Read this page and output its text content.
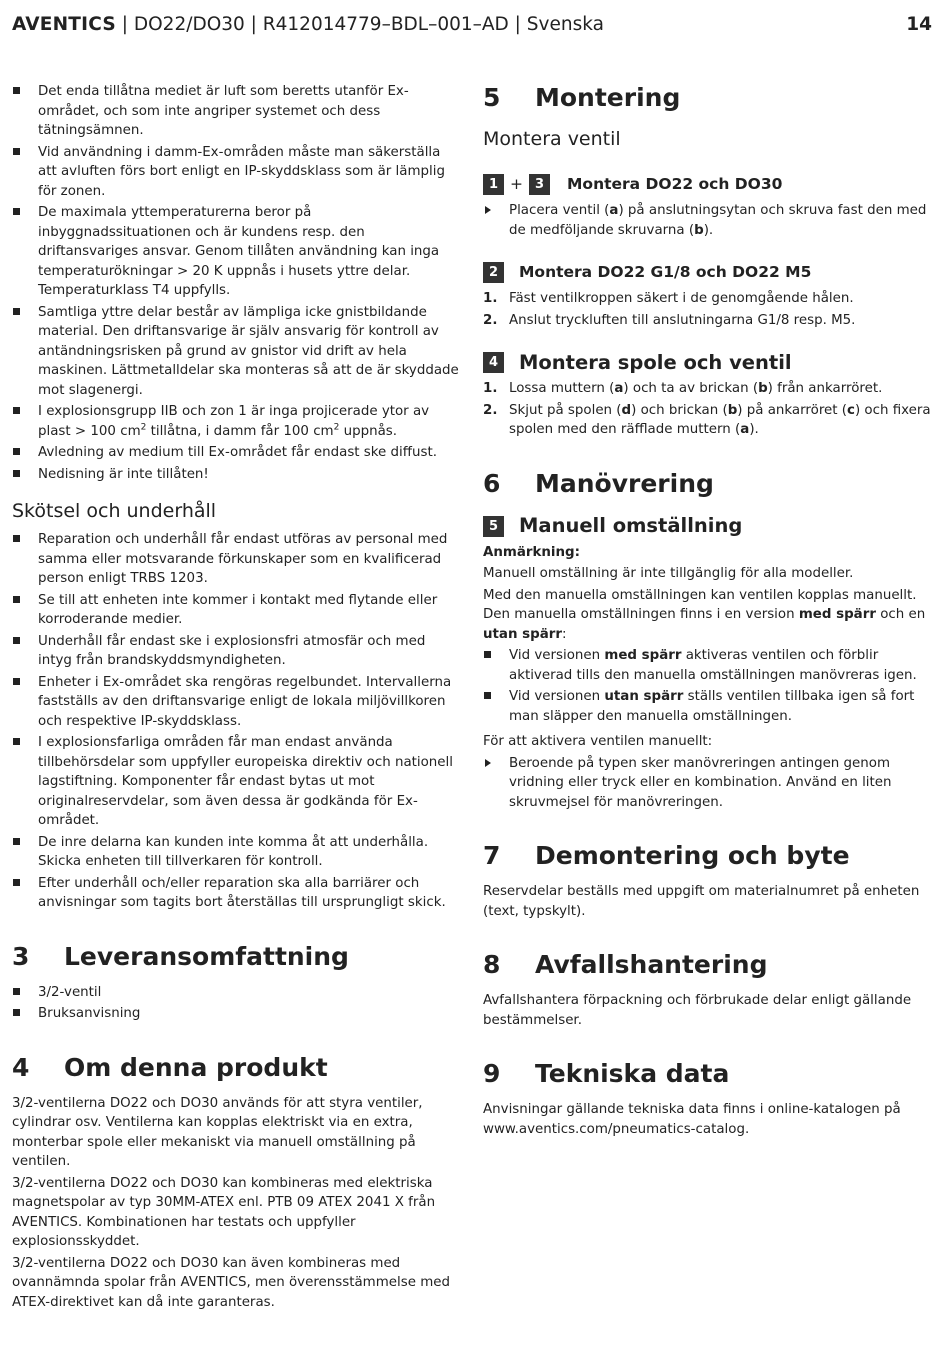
AVENTICS | DO22/DO30 | R412014779–BDL–001–AD | Svenska	14
Det enda tillåtna mediet är luft som beretts utanför Ex-området, och som inte angriper systemet och dess tätningsämnen.
Vid användning i damm-Ex-områden måste man säkerställa att avluften förs bort enligt en IP-skyddsklass som är lämplig för zonen.
De maximala yttemperaturerna beror på inbyggnadssituationen och är kundens resp. den driftansvariges ansvar. Genom tillåten användning kan inga temperaturökningar > 20 K uppnås i husets yttre delar. Temperaturklass T4 uppfylls.
Samtliga yttre delar består av lämpliga icke gnistbildande material. Den driftansvarige är själv ansvarig för kontroll av antändningsrisken på grund av gnistor vid drift av hela maskinen. Lättmetalldelar ska monteras så att de är skyddade mot slagenergi.
I explosionsgrupp IIB och zon 1 är inga projicerade ytor av plast > 100 $cm^2$ tillåtna, i damm får 100 $cm^2$ uppnås.
Avledning av medium till Ex-området får endast ske diffust.
Nedisning är inte tillåten!
Skötsel och underhåll
Reparation och underhåll får endast utföras av personal med samma eller motsvarande förkunskaper som en kvalificerad person enligt TRBS 1203.
Se till att enheten inte kommer i kontakt med flytande eller korroderande medier.
Underhåll får endast ske i explosionsfri atmosfär och med intyg från brandskyddsmyndigheten.
Enheter i Ex-området ska rengöras regelbundet. Intervallerna fastställs av den driftansvarige enligt de lokala miljövillkoren och respektive IP-skyddsklass.
I explosionsfarliga områden får man endast använda tillbehörsdelar som uppfyller europeiska direktiv och nationell lagstiftning. Komponenter får endast bytas ut mot originalreservdelar, som även dessa är godkända för Ex-området.
De inre delarna kan kunden inte komma åt att underhålla. Skicka enheten till tillverkaren för kontroll.
Efter underhåll och/eller reparation ska alla barriärer och anvisningar som tagits bort återställas till ursprungligt skick.
3 Leveransomfattning
3/2-ventil
Bruksanvisning
4 Om denna produkt

3/2-ventilerna DO22 och DO30 används för att styra ventiler, cylindrar osv. Ventilerna kan kopplas elektriskt via en extra, monterbar spole eller mekaniskt via manuell omställning på ventilen.

3/2-ventilerna DO22 och DO30 kan kombineras med elektriska magnetspolar av typ 30MM-ATEX enl. PTB 09 ATEX 2041 X från AVENTICS. Kombinationen har testats och uppfyller explosionsskyddet.

3/2-ventilerna DO22 och DO30 kan även kombineras med ovannämnda spolar från AVENTICS, men överensstämmelse med ATEX-direktivet kan då inte garanteras.

5 Montering
Montera ventil
1 + 3	Montera DO22 och DO30
Placera ventil (a) på anslutningsytan och skruva fast den med de medföljande skruvarna (b).
2	Montera DO22 G1/8 och DO22 M5
1. Fäst ventilkroppen säkert i de genomgående hålen.
2. Anslut tryckluften till anslutningarna G1/8 resp. M5.
4	Montera spole och ventil
1. Lossa muttern (a) och ta av brickan (b) från ankarröret.
2. Skjut på spolen (d) och brickan (b) på ankarröret (c) och fixera spolen med den räfflade muttern (a).
6 Manövrering
5	Manuell omställning
Anmärkning:

Manuell omställning är inte tillgänglig för alla modeller.

Med den manuella omställningen kan ventilen kopplas manuellt. Den manuella omställningen finns i en version med spärr och en utan spärr:

Vid versionen med spärr aktiveras ventilen och förblir aktiverad tills den manuella omställningen manövreras igen.
Vid versionen utan spärr ställs ventilen tillbaka igen så fort man släpper den manuella omställningen.

För att aktivera ventilen manuellt:

Beroende på typen sker manövreringen antingen genom vridning eller tryck eller en kombination. Använd en liten skruvmejsel för manövreringen.
7 Demontering och byte

Reservdelar beställs med uppgift om materialnumret på enheten (text, typskylt).

8 Avfallshantering

Avfallshantera förpackning och förbrukade delar enligt gällande bestämmelser.

9 Tekniska data

Anvisningar gällande tekniska data finns i online-katalogen på www.aventics.com/pneumatics-catalog.
